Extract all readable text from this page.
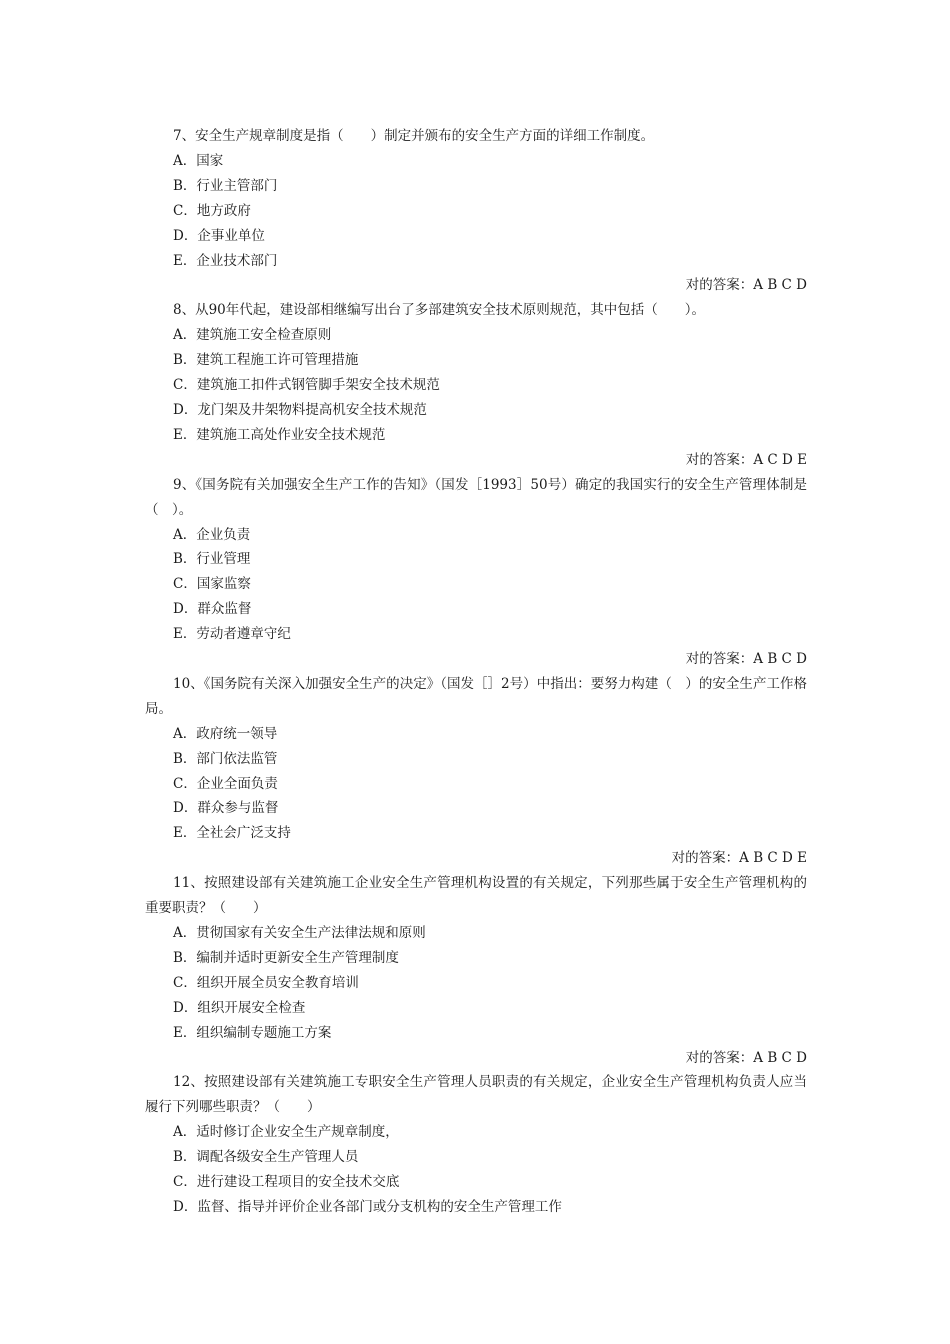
7、安全生产规章制度是指（　　）制定并颁布的安全生产方面的详细工作制度。

A．国家

B．行业主管部门

C．地方政府

D．企事业单位

E．企业技术部门

对的答案：A B C D

8、从90年代起，建设部相继编写出台了多部建筑安全技术原则规范，其中包括（　　）。

A．建筑施工安全检查原则

B．建筑工程施工许可管理措施

C．建筑施工扣件式钢管脚手架安全技术规范

D．龙门架及井架物料提高机安全技术规范

E．建筑施工高处作业安全技术规范

对的答案：A C D E

9、《国务院有关加强安全生产工作的告知》（国发［1993］50号）确定的我国实行的安全生产管理体制是（　）。

A．企业负责

B．行业管理

C．国家监察

D．群众监督

E．劳动者遵章守纪

对的答案：A B C D

10、《国务院有关深入加强安全生产的决定》（国发［］2号）中指出：要努力构建（　）的安全生产工作格局。

A．政府统一领导

B．部门依法监管

C．企业全面负责

D．群众参与监督

E．全社会广泛支持

对的答案：A B C D E

11、按照建设部有关建筑施工企业安全生产管理机构设置的有关规定，下列那些属于安全生产管理机构的重要职责？（　　）

A．贯彻国家有关安全生产法律法规和原则

B．编制并适时更新安全生产管理制度

C．组织开展全员安全教育培训

D．组织开展安全检查

E．组织编制专题施工方案

对的答案：A B C D

12、按照建设部有关建筑施工专职安全生产管理人员职责的有关规定，企业安全生产管理机构负责人应当履行下列哪些职责？（　　）

A．适时修订企业安全生产规章制度，

B．调配各级安全生产管理人员

C．进行建设工程项目的安全技术交底

D．监督、指导并评价企业各部门或分支机构的安全生产管理工作
